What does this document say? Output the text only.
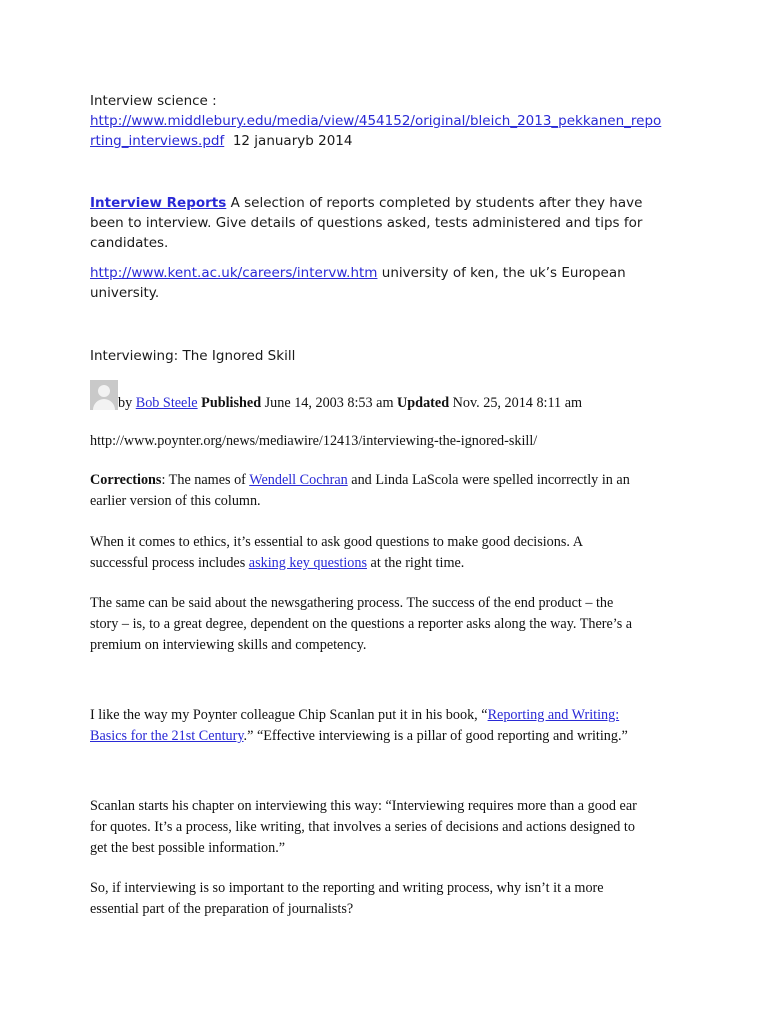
Interview science :
http://www.middlebury.edu/media/view/454152/original/bleich_2013_pekkanen_repo
rting_interviews.pdf 12 januaryb 2014
Interview Reports A selection of reports completed by students after they have
been to interview. Give details of questions asked, tests administered and tips for
candidates.
http://www.kent.ac.uk/careers/intervw.htm university of ken, the uk’s European
university.
Interviewing: The Ignored Skill
by Bob Steele Published June 14, 2003 8:53 am Updated Nov. 25, 2014 8:11 am
http://www.poynter.org/news/mediawire/12413/interviewing-the-ignored-skill/
Corrections: The names of Wendell Cochran and Linda LaScola were spelled incorrectly in an
earlier version of this column.
When it comes to ethics, it’s essential to ask good questions to make good decisions. A
successful process includes asking key questions at the right time.
The same can be said about the newsgathering process. The success of the end product – the
story – is, to a great degree, dependent on the questions a reporter asks along the way. There’s a
premium on interviewing skills and competency.
I like the way my Poynter colleague Chip Scanlan put it in his book, “Reporting and Writing:
Basics for the 21st Century.” “Effective interviewing is a pillar of good reporting and writing.”
Scanlan starts his chapter on interviewing this way: “Interviewing requires more than a good ear
for quotes. It’s a process, like writing, that involves a series of decisions and actions designed to
get the best possible information.”
So, if interviewing is so important to the reporting and writing process, why isn’t it a more
essential part of the preparation of journalists?
